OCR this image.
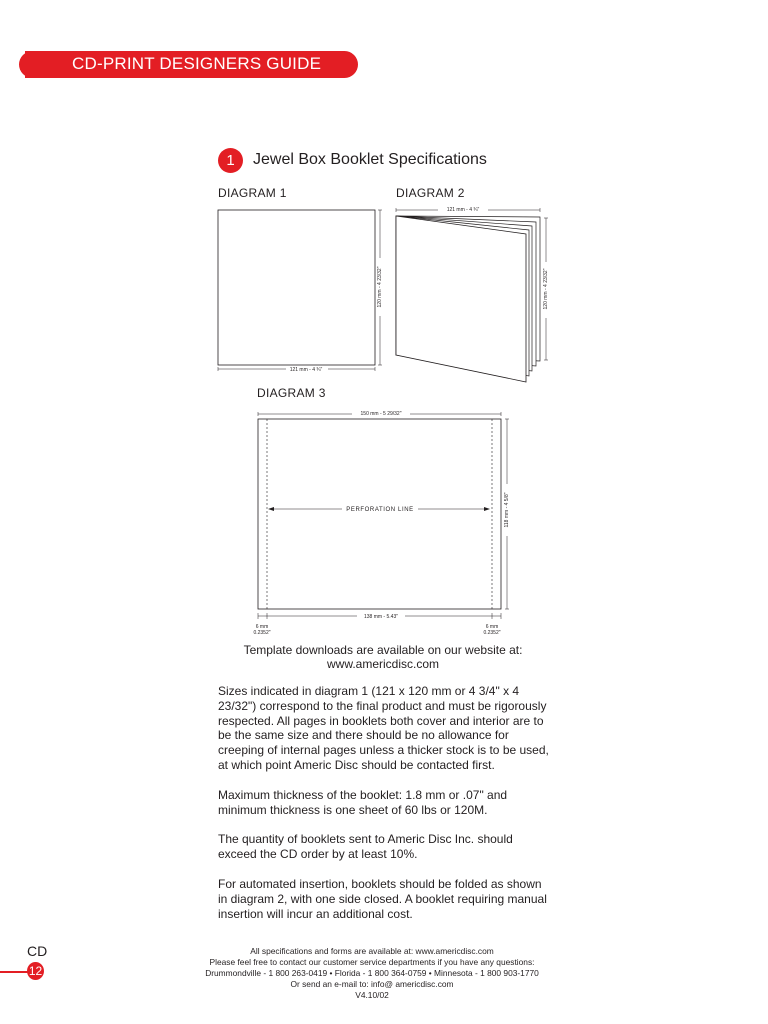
CD-PRINT DESIGNERS GUIDE
1	Jewel Box Booklet Specifications
DIAGRAM 1	DIAGRAM 2
DIAGRAM 3
120 mm - 4 23/32"
121 mm - 4 ¾"
121 mm - 4 ¾"
120 mm - 4 23/32"
150 mm - 5 29/32"
PERFORATION LINE	118 mm - 4 5/8"
138 mm - 5.43"
6 mm
0.2352"
6 mm
0.2352"
Template downloads are available on our website at:
www.americdisc.com

Sizes indicated in diagram 1 (121 x 120 mm or 4 3/4" x 4 23/32") correspond to the final product and must be rigorously respected. All pages in booklets both cover and interior are to be the same size and there should be no allowance for creeping of internal pages unless a thicker stock is to be used, at which point Americ Disc should be contacted first.

Maximum thickness of the booklet: 1.8 mm or .07" and minimum thickness is one sheet of 60 lbs or 120M.

The quantity of booklets sent to Americ Disc Inc. should exceed the CD order by at least 10%.

For automated insertion, booklets should be folded as shown in diagram 2, with one side closed. A booklet requiring manual insertion will incur an additional cost.

CD
12
All specifications and forms are available at: www.americdisc.com
Please feel free to contact our customer service departments if you have any questions:
Drummondville - 1 800 263-0419 • Florida - 1 800 364-0759 • Minnesota - 1 800 903-1770
Or send an e-mail to: info@ americdisc.com
V4.10/02
